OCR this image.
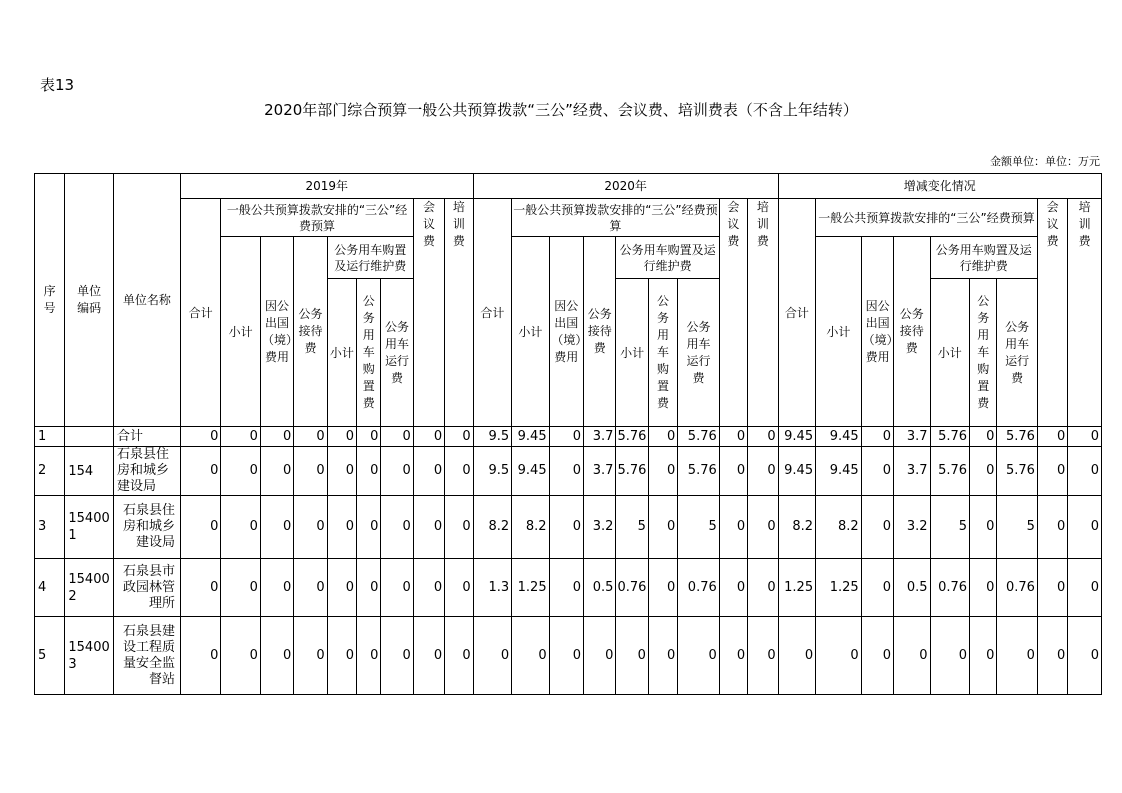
表13
2020年部门综合预算一般公共预算拨款“三公”经费、会议费、培训费表（不含上年结转）
金额单位：单位：万元
序号	单位编码	单位名称	2019年									2020年									增减变化情况								
			合计	一般公共预算拨款安排的“三公”经费预算						会议费	培训费	合计	一般公共预算拨款安排的“三公”经费预算						会议费	培训费	合计	一般公共预算拨款安排的“三公”经费预算						会议费	培训费

				小计	因公出国（境）费用	公务接待费	公务用车购置及运行维护费						小计	因公出国（境）费用	公务接待费	公务用车购置及运行维护费						小计	因公出国（境）费用	公务接待费	公务用车购置及运行维护费				
							小计	公务用车购置费	公务用车运行费							小计	公务用车购置费	公务用车运行费							小计	公务用车购置费	公务用车运行费		

1		合计	0	0	0	0	0	0	0	0	0	9.5	9.45	0	3.7	5.76	0	5.76	0	0	9.45	9.45	0	3.7	5.76	0	5.76	0	0
2	154	石泉县住房和城乡建设局	0	0	0	0	0	0	0	0	0	9.5	9.45	0	3.7	5.76	0	5.76	0	0	9.45	9.45	0	3.7	5.76	0	5.76	0	0
3	154001	石泉县住房和城乡建设局	0	0	0	0	0	0	0	0	0	8.2	8.2	0	3.2	5	0	5	0	0	8.2	8.2	0	3.2	5	0	5	0	0
4	154002	石泉县市政园林管理所	0	0	0	0	0	0	0	0	0	1.3	1.25	0	0.5	0.76	0	0.76	0	0	1.25	1.25	0	0.5	0.76	0	0.76	0	0
5	154003	石泉县建设工程质量安全监督站	0	0	0	0	0	0	0	0	0	0	0	0	0	0	0	0	0	0	0	0	0	0	0	0	0	0	0
